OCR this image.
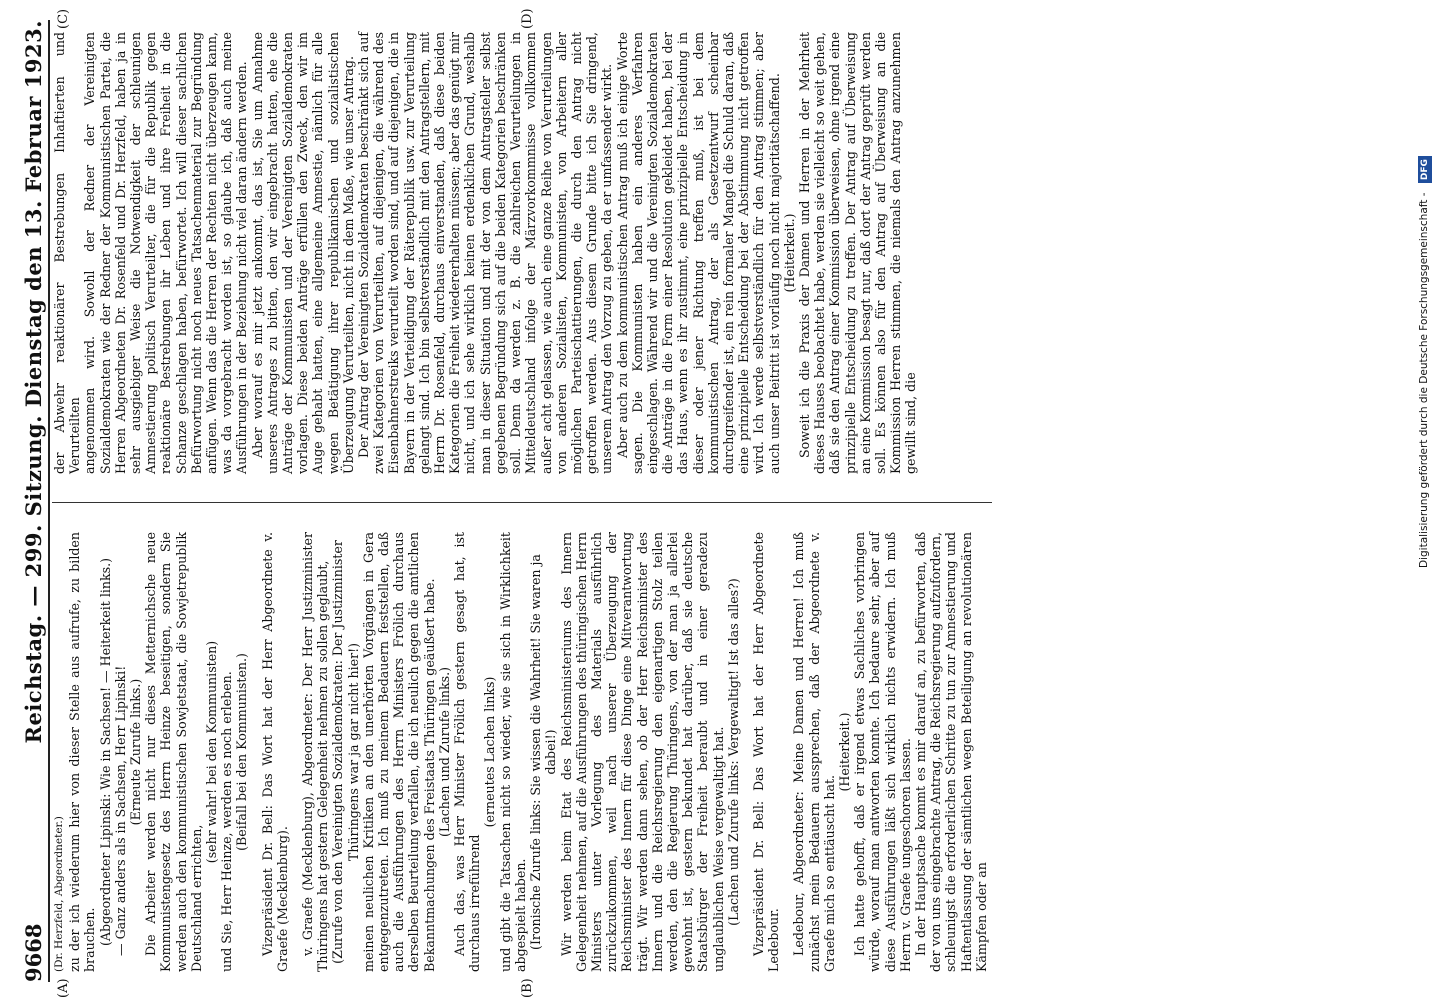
9668
Reichstag. — 299. Sitzung. Dienstag den 13. Februar 1923.
(A)	(B)
(C)	(D)

(Dr. Herzfeld, Abgeordneter.) zu der ich wiederum hier von dieser Stelle aus aufrufe, zu bilden brauchen. (Abgeordneter Lipinski: Wie in Sachsen! — Heiterkeit links.) — Ganz anders als in Sachsen, Herr Lipinski! (Erneute Zurufe links.) Die Arbeiter werden nicht nur dieses Metternichsche neue Kommunistengesetz des Herrn Heinze beseitigen, sondern Sie werden auch den kommunistischen Sowjetstaat, die Sowjetrepublik Deutschland errichten,

(sehr wahr! bei den Kommunisten) und Sie, Herr Heinze, werden es noch erleben. (Beifall bei den Kommunisten.) Vizepräsident Dr. Bell: Das Wort hat der Herr Abgeordnete v. Graefe (Mecklenburg). v. Graefe (Mecklenburg), Abgeordneter: Der Herr Justizminister Thüringens hat gestern Gelegenheit nehmen zu sollen geglaubt, (Zurufe von den Vereinigten Sozialdemokraten: Der Justizminister Thüringens war ja gar nicht hier!) meinen neulichen Kritiken an den unerhörten Vorgängen in Gera entgegenzutreten. Ich muß zu meinem Bedauern feststellen, daß auch die Ausführungen des Herrn Ministers Frölich durchaus derselben Beurteilung verfallen, die ich neulich gegen die amtlichen Bekanntmachungen des Freistaats Thüringen geäußert habe. (Lachen und Zurufe links.) Auch das, was Herr Minister Frölich gestern gesagt hat, ist durchaus irreführend

(erneutes Lachen links) und gibt die Tatsachen nicht so wieder, wie sie sich in Wirklichkeit abgespielt haben. (Ironische Zurufe links: Sie wissen die Wahrheit! Sie waren ja dabei!) Wir werden beim Etat des Reichsministeriums des Innern Gelegenheit nehmen, auf die Ausführungen des thüringischen Herrn Ministers unter Vorlegung des Materials ausführlich zurückzukommen, weil nach unserer Überzeugung der Reichsminister des Innern für diese Dinge eine Mitverantwortung trägt. Wir werden dann sehen, ob der Herr Reichsminister des Innern und die Reichsregierung den eigenartigen Stolz teilen werden, den die Regierung Thüringens, von der man ja allerlei gewohnt ist, gestern bekundet hat darüber, daß sie deutsche Staatsbürger der Freiheit beraubt und in einer geradezu unglaublichen Weise vergewaltigt hat. (Lachen und Zurufe links: Vergewaltigt! Ist das alles?) Vizepräsident Dr. Bell: Das Wort hat der Herr Abgeordnete Ledebour. Ledebour, Abgeordneter: Meine Damen und Herren! Ich muß zunächst mein Bedauern aussprechen, daß der Abgeordnete v. Graefe mich so enttäuscht hat.

(Heiterkeit.) Ich hatte gehofft, daß er irgend etwas Sachliches vorbringen würde, worauf man antworten konnte. Ich bedaure sehr, aber auf diese Ausführungen läßt sich wirklich nichts erwidern. Ich muß Herrn v. Graefe ungeschoren lassen. In der Hauptsache kommt es mir darauf an, zu befürworten, daß der von uns eingebrachte Antrag, die Reichsregierung aufzufordern, schleunigst die erforderlichen Schritte zu tun zur Amnestierung und Haftentlassung der sämtlichen wegen Beteiligung an revolutionären Kämpfen oder an

der Abwehr reaktionärer Bestrebungen Inhaftierten und Verurteilten angenommen wird. Sowohl der Redner der Vereinigten Sozialdemokraten wie der Redner der Kommunistischen Partei, die Herren Abgeordneten Dr. Rosenfeld und Dr. Herzfeld, haben ja in sehr ausgiebiger Weise die Notwendigkeit der schleunigen Amnestierung politisch Verurteilter, die für die Republik gegen reaktionäre Bestrebungen ihr Leben und ihre Freiheit in die Schanze geschlagen haben, befürwortet. Ich will dieser sachlichen Befürwortung nicht noch neues Tatsachenmaterial zur Begründung anfügen. Wenn das die Herren der Rechten nicht überzeugen kann, was da vorgebracht worden ist, so glaube ich, daß auch meine Ausführungen in der Beziehung nicht viel daran ändern werden. Aber worauf es mir jetzt ankommt, das ist, Sie um Annahme unseres Antrages zu bitten, den wir eingebracht hatten, ehe die Anträge der Kommunisten und der Vereinigten Sozialdemokraten vorlagen. Diese beiden Anträge erfüllen den Zweck, den wir im Auge gehabt hatten, eine allgemeine Amnestie, nämlich für alle wegen Betätigung ihrer republikanischen und sozialistischen Überzeugung Verurteilten, nicht in dem Maße, wie unser Antrag. Der Antrag der Vereinigten Sozialdemokraten beschränkt sich auf zwei Kategorien von Verurteilten, auf diejenigen, die während des Eisenbahnerstreiks verurteilt worden sind, und auf diejenigen, die in Bayern in der Verteidigung der Räterepublik usw. zur Verurteilung gelangt sind. Ich bin selbstverständlich mit den Antragstellern, mit Herrn Dr. Rosenfeld, durchaus einverstanden, daß diese beiden Kategorien die Freiheit wiedererhalten müssen; aber das genügt mir nicht, und ich sehe wirklich keinen erdenklichen Grund, weshalb man in dieser Situation und mit der von dem Antragsteller selbst gegebenen Begründung sich auf die beiden Kategorien beschränken soll. Denn da werden z. B. die zahlreichen Verurteilungen in Mitteldeutschland infolge der Märzvorkommnisse vollkommen außer acht gelassen, wie auch eine ganze Reihe von Verurteilungen von anderen Sozialisten, Kommunisten, von Arbeitern aller möglichen Parteischattierungen, die durch den Antrag nicht getroffen werden. Aus diesem Grunde bitte ich Sie dringend, unserem Antrag den Vorzug zu geben, da er umfassender wirkt. Aber auch zu dem kommunistischen Antrag muß ich einige Worte sagen. Die Kommunisten haben ein anderes Verfahren eingeschlagen. Während wir und die Vereinigten Sozialdemokraten die Anträge in die Form einer Resolution gekleidet haben, bei der das Haus, wenn es ihr zustimmt, eine prinzipielle Entscheidung in dieser oder jener Richtung treffen muß, ist bei dem kommunistischen Antrag, der als Gesetzentwurf scheinbar durchgreifender ist, ein rein formaler Mangel die Schuld daran, daß eine prinzipielle Entscheidung bei der Abstimmung nicht getroffen wird. Ich werde selbstverständlich für den Antrag stimmen; aber auch unser Beitritt ist vorläufig noch nicht majoritätschaffend. (Heiterkeit.) Soweit ich die Praxis der Damen und Herren in der Mehrheit dieses Hauses beobachtet habe, werden sie vielleicht so weit gehen, daß sie den Antrag einer Kommission überweisen, ohne irgend eine prinzipielle Entscheidung zu treffen. Der Antrag auf Überweisung an eine Kommission besagt nur, daß dort der Antrag geprüft werden soll. Es können also für den Antrag auf Überweisung an die Kommission Herren stimmen, die niemals den Antrag anzunehmen gewillt sind, die	Digitalisierung gefördert durch die Deutsche Forschungsgemeinschaft - DFG
